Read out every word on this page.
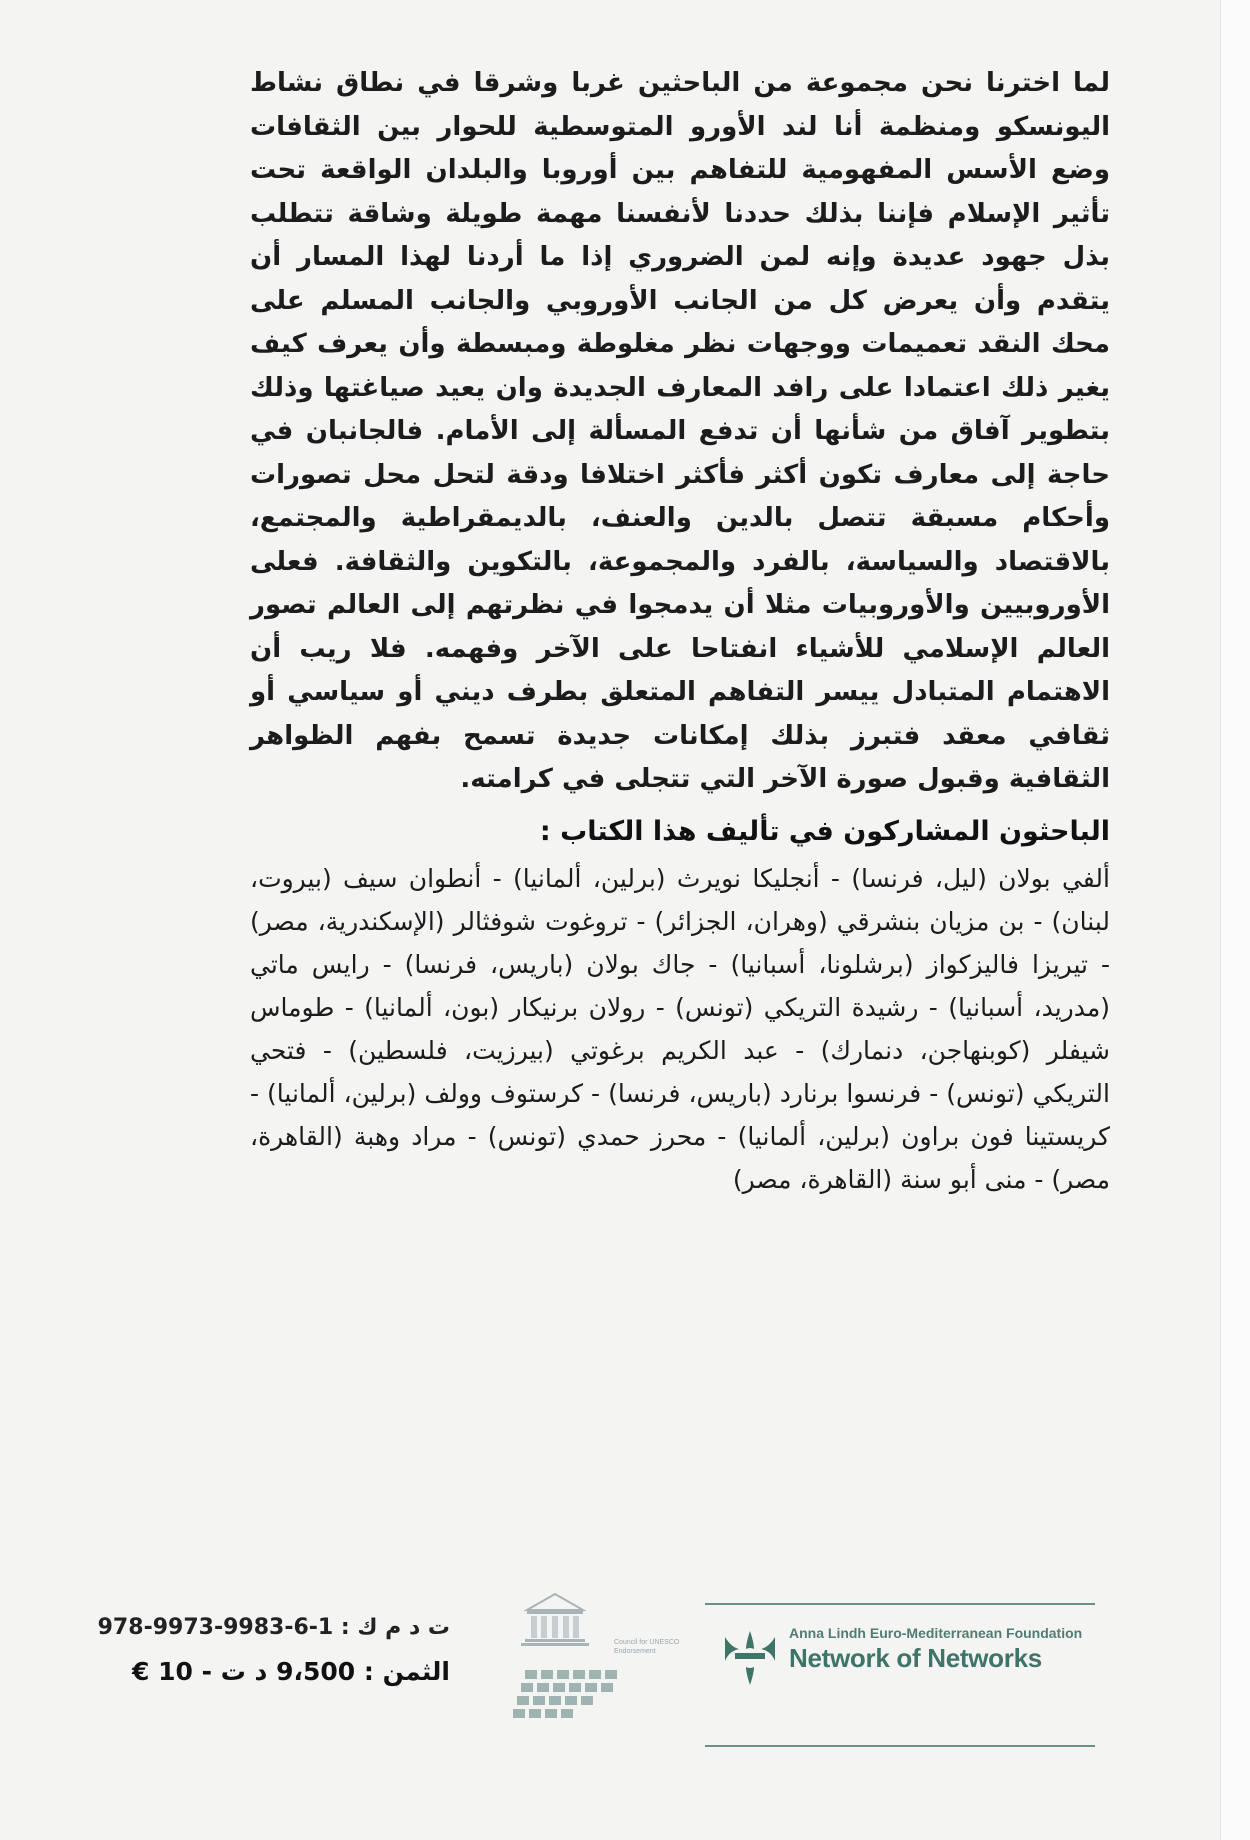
لما اخترنا نحن مجموعة من الباحثين غربا وشرقا في نطاق نشاط اليونسكو ومنظمة أنا لند الأورو المتوسطية للحوار بين الثقافات وضع الأسس المفهومية للتفاهم بين أوروبا والبلدان الواقعة تحت تأثير الإسلام فإننا بذلك حددنا لأنفسنا مهمة طويلة وشاقة تتطلب بذل جهود عديدة وإنه لمن الضروري إذا ما أردنا لهذا المسار أن يتقدم وأن يعرض كل من الجانب الأوروبي والجانب المسلم على محك النقد تعميمات ووجهات نظر مغلوطة ومبسطة وأن يعرف كيف يغير ذلك اعتمادا على رافد المعارف الجديدة وان يعيد صياغتها وذلك بتطوير آفاق من شأنها أن تدفع المسألة إلى الأمام. فالجانبان في حاجة إلى معارف تكون أكثر فأكثر اختلافا ودقة لتحل محل تصورات وأحكام مسبقة تتصل بالدين والعنف، بالديمقراطية والمجتمع، بالاقتصاد والسياسة، بالفرد والمجموعة، بالتكوين والثقافة. فعلى الأوروبيين والأوروبيات مثلا أن يدمجوا في نظرتهم إلى العالم تصور العالم الإسلامي للأشياء انفتاحا على الآخر وفهمه. فلا ريب أن الاهتمام المتبادل ييسر التفاهم المتعلق بطرف ديني أو سياسي أو ثقافي معقد فتبرز بذلك إمكانات جديدة تسمح بفهم الظواهر الثقافية وقبول صورة الآخر التي تتجلى في كرامته.

الباحثون المشاركون في تأليف هذا الكتاب :

ألفي بولان (ليل، فرنسا) - أنجليكا نويرث (برلين، ألمانيا) - أنطوان سيف (بيروت، لبنان) - بن مزيان بنشرقي (وهران، الجزائر) - تروغوت شوفثالر (الإسكندرية، مصر) - تيريزا فاليزكواز (برشلونا، أسبانيا) - جاك بولان (باريس، فرنسا) - رايس ماتي (مدريد، أسبانيا) - رشيدة التريكي (تونس) - رولان برنيكار (بون، ألمانيا) - طوماس شيفلر (كوبنهاجن، دنمارك) - عبد الكريم برغوتي (بيرزيت، فلسطين) - فتحي التريكي (تونس) - فرنسوا برنارد (باريس، فرنسا) - كرستوف وولف (برلين، ألمانيا) - كريستينا فون براون (برلين، ألمانيا) - محرز حمدي (تونس) - مراد وهبة (القاهرة، مصر) - منى أبو سنة (القاهرة، مصر)

ت د م ك : 1-6-9983-9973-978
الثمن : 9،500 د ت - 10 €
Council for UNESCO Endorsement
Anna Lindh Euro-Mediterranean Foundation
Network of Networks
